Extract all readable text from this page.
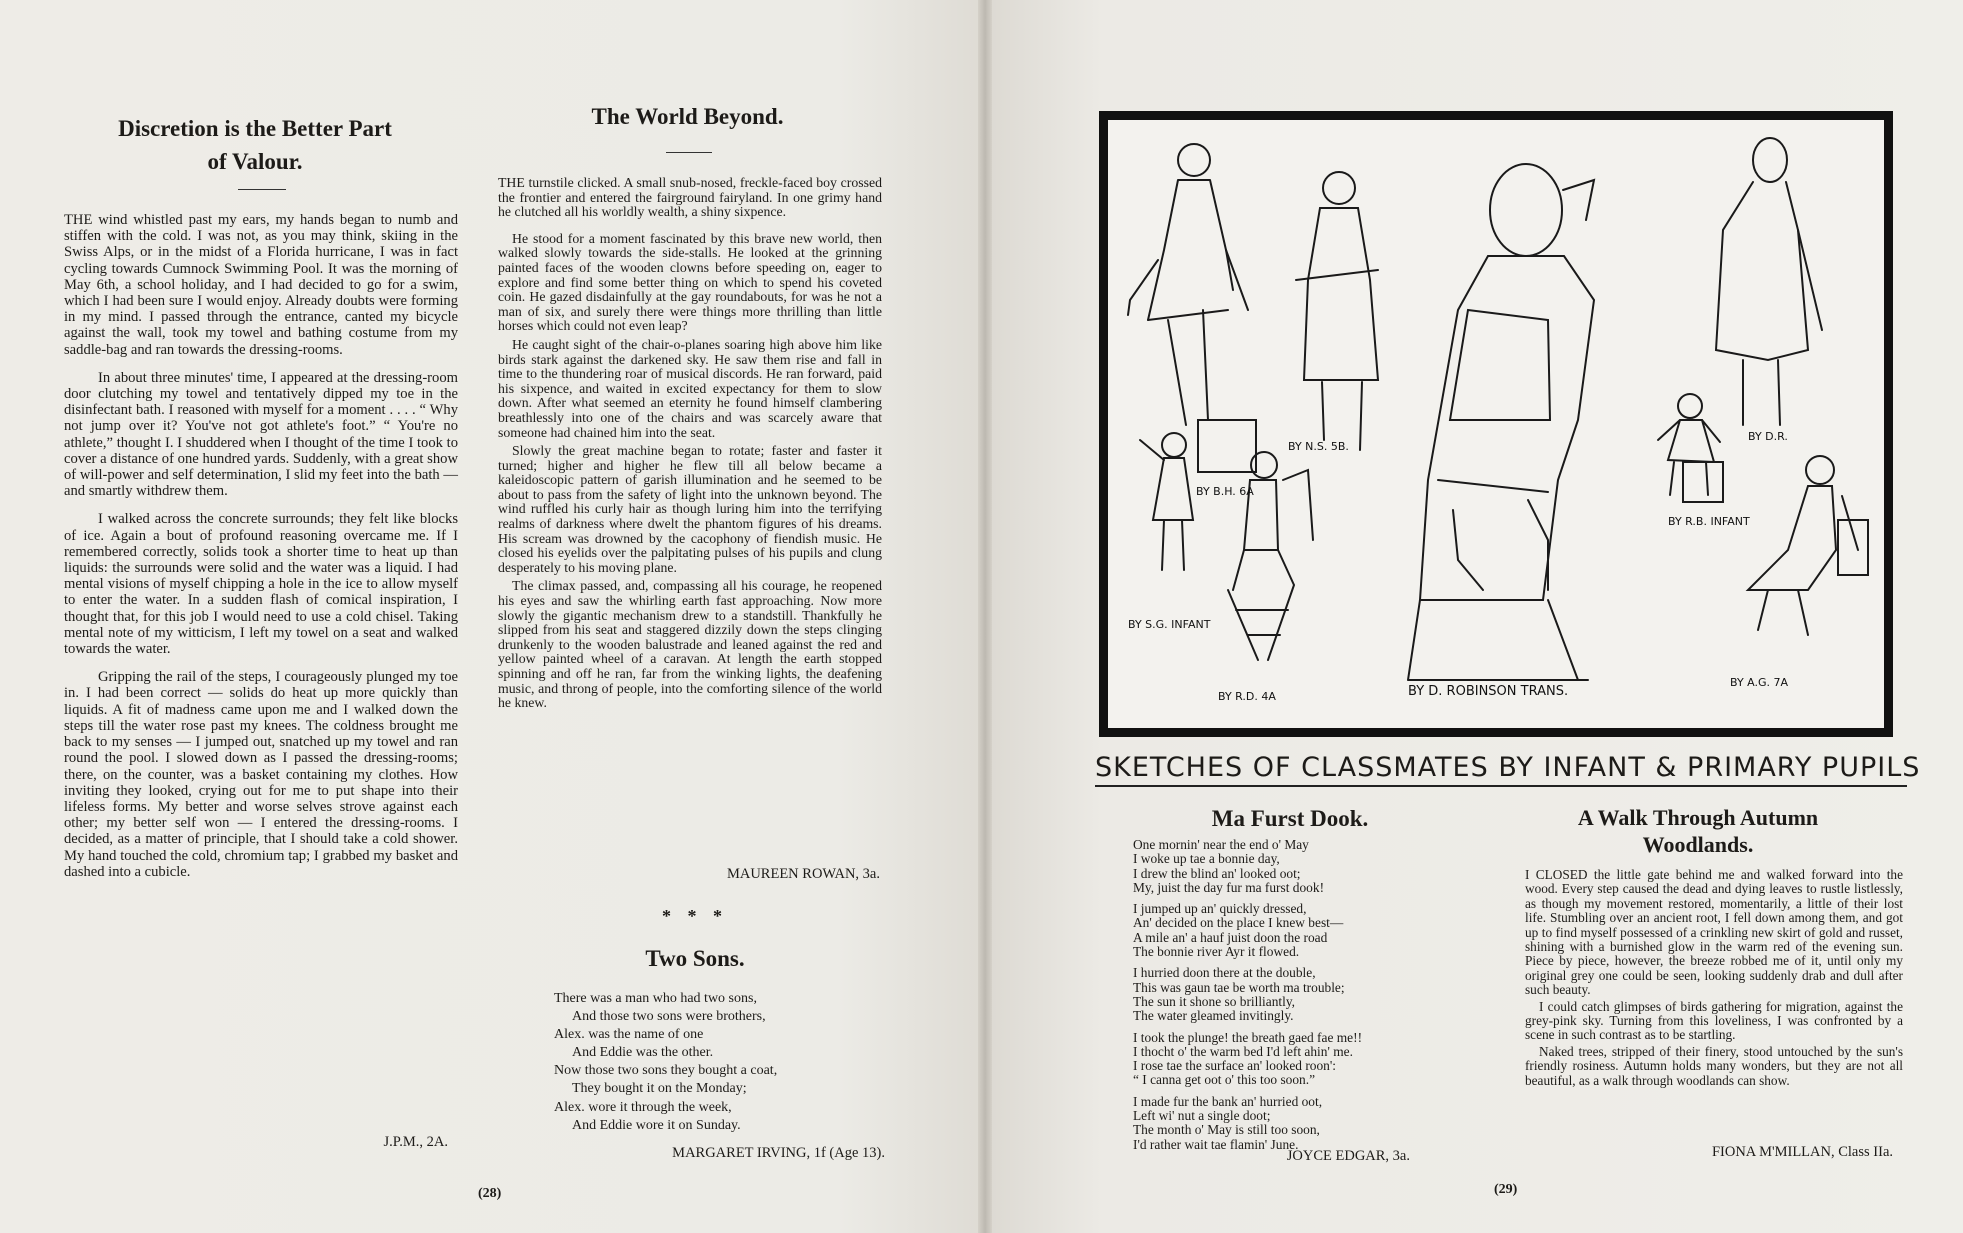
Discretion is the Better Part
of Valour.

THE wind whistled past my ears, my hands began to numb and stiffen with the cold. I was not, as you may think, skiing in the Swiss Alps, or in the midst of a Florida hurricane, I was in fact cycling towards Cumnock Swimming Pool. It was the morning of May 6th, a school holiday, and I had decided to go for a swim, which I had been sure I would enjoy. Already doubts were forming in my mind. I passed through the entrance, canted my bicycle against the wall, took my towel and bathing costume from my saddle-bag and ran towards the dressing-rooms.

In about three minutes' time, I appeared at the dressing-room door clutching my towel and tentatively dipped my toe in the disinfectant bath. I reasoned with myself for a moment . . . . “ Why not jump over it? You've not got athlete's foot.” “ You're no athlete,” thought I. I shuddered when I thought of the time I took to cover a distance of one hundred yards. Suddenly, with a great show of will-power and self determination, I slid my feet into the bath — and smartly withdrew them.

I walked across the concrete surrounds; they felt like blocks of ice. Again a bout of profound reasoning overcame me. If I remembered correctly, solids took a shorter time to heat up than liquids: the surrounds were solid and the water was a liquid. I had mental visions of myself chipping a hole in the ice to allow myself to enter the water. In a sudden flash of comical inspiration, I thought that, for this job I would need to use a cold chisel. Taking mental note of my witticism, I left my towel on a seat and walked towards the water.

Gripping the rail of the steps, I courageously plunged my toe in. I had been correct — solids do heat up more quickly than liquids. A fit of madness came upon me and I walked down the steps till the water rose past my knees. The coldness brought me back to my senses — I jumped out, snatched up my towel and ran round the pool. I slowed down as I passed the dressing-rooms; there, on the counter, was a basket containing my clothes. How inviting they looked, crying out for me to put shape into their lifeless forms. My better and worse selves strove against each other; my better self won — I entered the dressing-rooms. I decided, as a matter of principle, that I should take a cold shower. My hand touched the cold, chromium tap; I grabbed my basket and dashed into a cubicle.

J.P.M., 2A.
The World Beyond.

THE turnstile clicked. A small snub-nosed, freckle-faced boy crossed the frontier and entered the fairground fairyland. In one grimy hand he clutched all his worldly wealth, a shiny sixpence.

He stood for a moment fascinated by this brave new world, then walked slowly towards the side-stalls. He looked at the grinning painted faces of the wooden clowns before speeding on, eager to explore and find some better thing on which to spend his coveted coin. He gazed disdainfully at the gay roundabouts, for was he not a man of six, and surely there were things more thrilling than little horses which could not even leap?

He caught sight of the chair-o-planes soaring high above him like birds stark against the darkened sky. He saw them rise and fall in time to the thundering roar of musical discords. He ran forward, paid his sixpence, and waited in excited expectancy for them to slow down. After what seemed an eternity he found himself clambering breathlessly into one of the chairs and was scarcely aware that someone had chained him into the seat.

Slowly the great machine began to rotate; faster and faster it turned; higher and higher he flew till all below became a kaleidoscopic pattern of garish illumination and he seemed to be about to pass from the safety of light into the unknown beyond. The wind ruffled his curly hair as though luring him into the terrifying realms of darkness where dwelt the phantom figures of his dreams. His scream was drowned by the cacophony of fiendish music. He closed his eyelids over the palpitating pulses of his pupils and clung desperately to his moving plane.

The climax passed, and, compassing all his courage, he reopened his eyes and saw the whirling earth fast approaching. Now more slowly the gigantic mechanism drew to a standstill. Thankfully he slipped from his seat and staggered dizzily down the steps clinging drunkenly to the wooden balustrade and leaned against the red and yellow painted wheel of a caravan. At length the earth stopped spinning and off he ran, far from the winking lights, the deafening music, and throng of people, into the comforting silence of the world he knew.

MAUREEN ROWAN, 3a.
* * *
Two Sons.
There was a man who had two sons,
And those two sons were brothers,
Alex. was the name of one
And Eddie was the other.
Now those two sons they bought a coat,
They bought it on the Monday;
Alex. wore it through the week,
And Eddie wore it on Sunday.
MARGARET IRVING, 1f (Age 13).
(28)
BY B.H. 6A
BY N.S. 5B.
BY D.R.
BY S.G. INFANT
BY R.D. 4A	BY D. ROBINSON TRANS.
BY R.B. INFANT
BY A.G. 7A
SKETCHES OF CLASSMATES BY INFANT & PRIMARY PUPILS
Ma Furst Dook.
One mornin' near the end o' May
I woke up tae a bonnie day,
I drew the blind an' looked oot;
My, juist the day fur ma furst dook!
I jumped up an' quickly dressed,
An' decided on the place I knew best—
A mile an' a hauf juist doon the road
The bonnie river Ayr it flowed.
I hurried doon there at the double,
This was gaun tae be worth ma trouble;
The sun it shone so brilliantly,
The water gleamed invitingly.
I took the plunge! the breath gaed fae me!!
I thocht o' the warm bed I'd left ahin' me.
I rose tae the surface an' looked roon':
“ I canna get oot o' this too soon.”
I made fur the bank an' hurried oot,
Left wi' nut a single doot;
The month o' May is still too soon,
I'd rather wait tae flamin' June.
JOYCE EDGAR, 3a.
A Walk Through Autumn
Woodlands.

I CLOSED the little gate behind me and walked forward into the wood. Every step caused the dead and dying leaves to rustle listlessly, as though my movement restored, momentarily, a little of their lost life. Stumbling over an ancient root, I fell down among them, and got up to find myself possessed of a crinkling new skirt of gold and russet, shining with a burnished glow in the warm red of the evening sun. Piece by piece, however, the breeze robbed me of it, until only my original grey one could be seen, looking suddenly drab and dull after such beauty.

I could catch glimpses of birds gathering for migration, against the grey-pink sky. Turning from this loveliness, I was confronted by a scene in such contrast as to be startling.

Naked trees, stripped of their finery, stood untouched by the sun's friendly rosiness. Autumn holds many wonders, but they are not all beautiful, as a walk through woodlands can show.

FIONA M'MILLAN, Class IIa.
(29)
